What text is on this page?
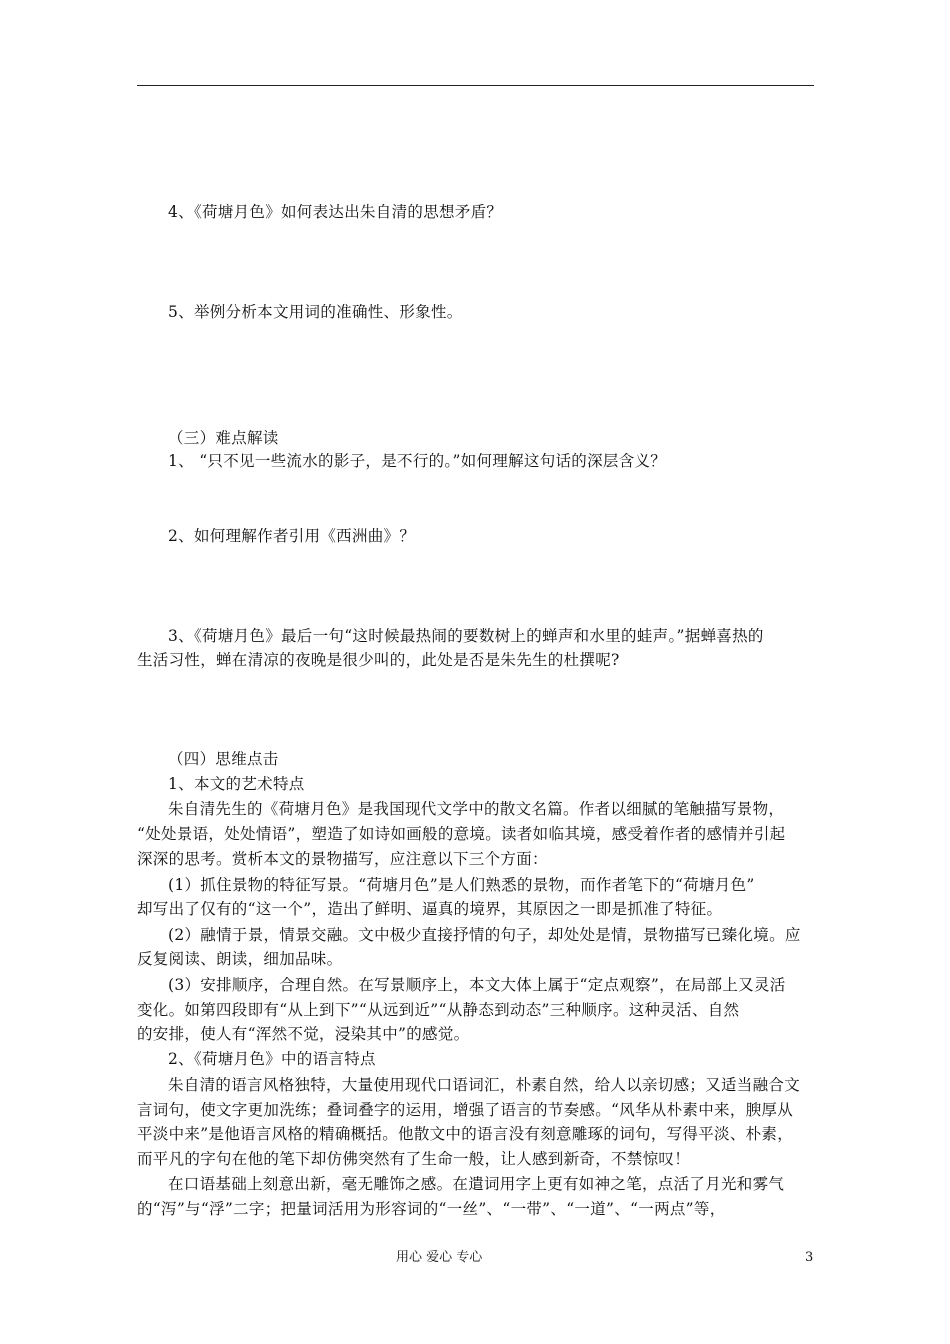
4、《荷塘月色》如何表达出朱自清的思想矛盾？
5、举例分析本文用词的准确性、形象性。
（三）难点解读
1、 “只不见一些流水的影子，是不行的。”如何理解这句话的深层含义？
2、如何理解作者引用《西洲曲》？
3、《荷塘月色》最后一句“这时候最热闹的要数树上的蝉声和水里的蛙声。”据蝉喜热的
生活习性，蝉在清凉的夜晚是很少叫的，此处是否是朱先生的杜撰呢?
（四）思维点击
1、本文的艺术特点
朱自清先生的《荷塘月色》是我国现代文学中的散文名篇。作者以细腻的笔触描写景物，
“处处景语，处处情语”，塑造了如诗如画般的意境。读者如临其境，感受着作者的感情并引起
深深的思考。赏析本文的景物描写，应注意以下三个方面：
(1）抓住景物的特征写景。“荷塘月色”是人们熟悉的景物，而作者笔下的“荷塘月色”
却写出了仅有的“这一个”，造出了鲜明、逼真的境界，其原因之一即是抓准了特征。
(2）融情于景，情景交融。文中极少直接抒情的句子，却处处是情，景物描写已臻化境。应
反复阅读、朗读，细加品味。
(3）安排顺序，合理自然。在写景顺序上，本文大体上属于“定点观察”，在局部上又灵活
变化。如第四段即有“从上到下”“从远到近”“从静态到动态”三种顺序。这种灵活、自然
的安排，使人有“浑然不觉，浸染其中”的感觉。
2、《荷塘月色》中的语言特点
朱自清的语言风格独特，大量使用现代口语词汇，朴素自然，给人以亲切感；又适当融合文
言词句，使文字更加洗练；叠词叠字的运用，增强了语言的节奏感。“风华从朴素中来，腴厚从
平淡中来”是他语言风格的精确概括。他散文中的语言没有刻意雕琢的词句，写得平淡、朴素，
而平凡的字句在他的笔下却仿佛突然有了生命一般，让人感到新奇，不禁惊叹！
在口语基础上刻意出新，毫无雕饰之感。在遣词用字上更有如神之笔，点活了月光和雾气
的“泻”与“浮”二字；把量词活用为形容词的“一丝”、“一带”、“一道”、“一两点”等，
用心 爱心 专心	3
